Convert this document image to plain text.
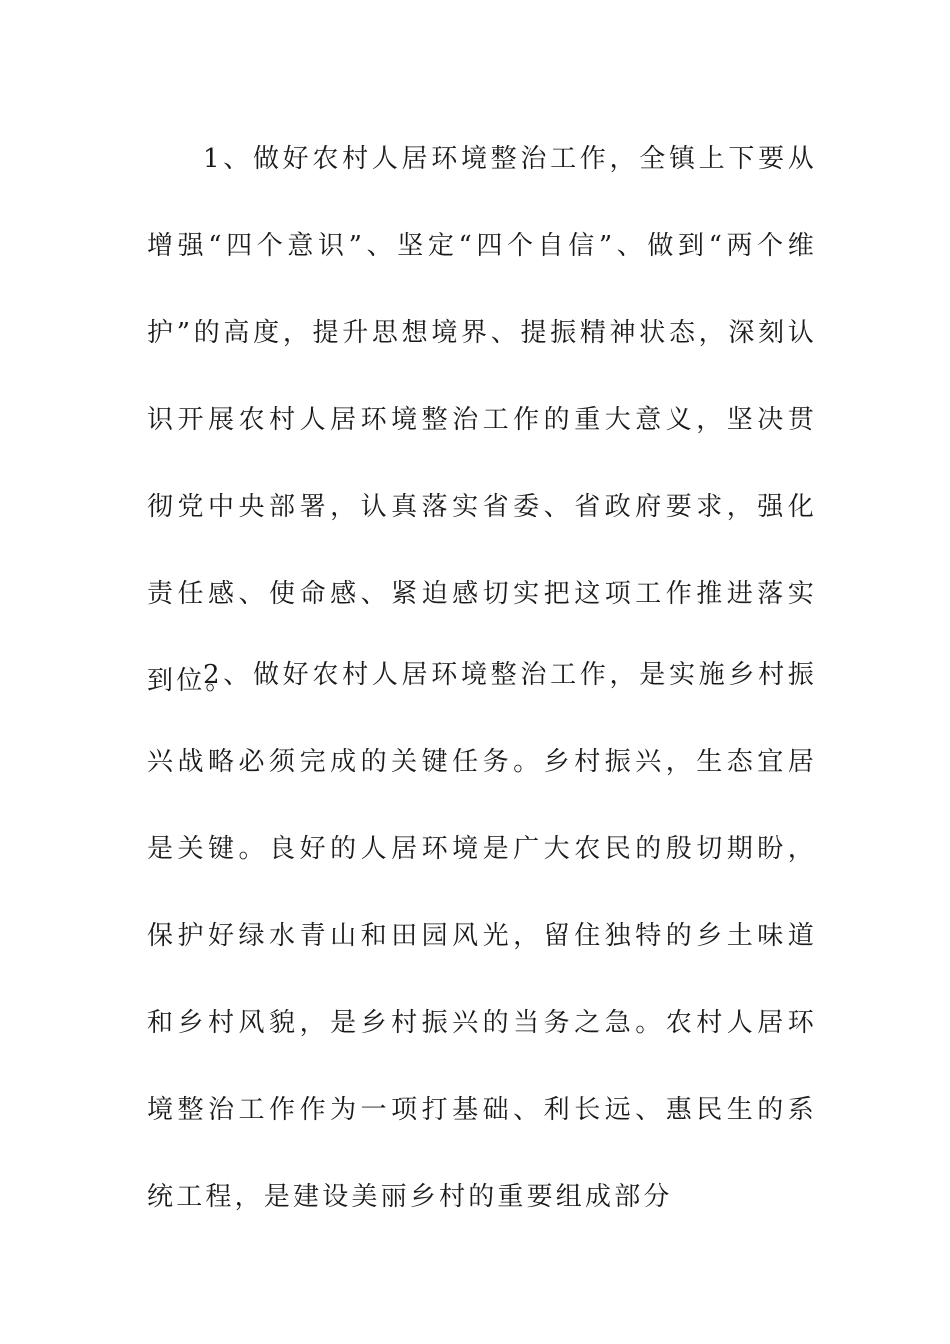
1、做好农村人居环境整治工作，全镇上下要从增强“四个意识”、坚定“四个自信”、做到“两个维护”的高度，提升思想境界、提振精神状态，深刻认识开展农村人居环境整治工作的重大意义，坚决贯彻党中央部署，认真落实省委、省政府要求，强化责任感、使命感、紧迫感切实把这项工作推进落实到位。

2、做好农村人居环境整治工作，是实施乡村振兴战略必须完成的关键任务。乡村振兴，生态宜居是关键。良好的人居环境是广大农民的殷切期盼，保护好绿水青山和田园风光，留住独特的乡土味道和乡村风貌，是乡村振兴的当务之急。农村人居环境整治工作作为一项打基础、利长远、惠民生的系统工程，是建设美丽乡村的重要组成部分
